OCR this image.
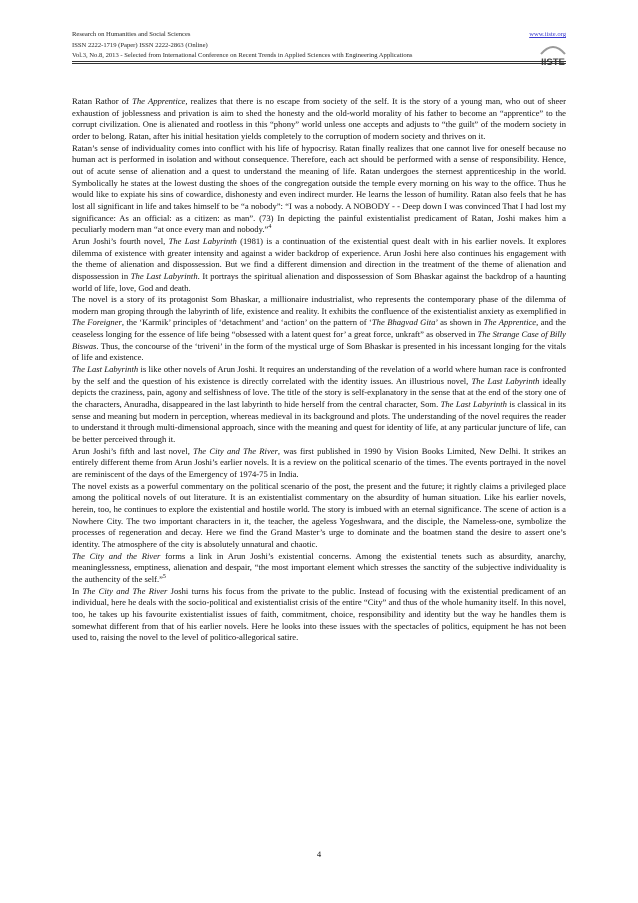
Research on Humanities and Social Sciences	www.iiste.org
ISSN 2222-1719 (Paper) ISSN 2222-2863 (Online)
Vol.3, No.8, 2013 - Selected from International Conference on Recent Trends in Applied Sciences with Engineering Applications
IISTE

Ratan Rathor of The Apprentice, realizes that there is no escape from society of the self. It is the story of a young man, who out of sheer exhaustion of joblessness and privation is aim to shed the honesty and the old-world morality of his father to become an “apprentice” to the corrupt civilization. One is alienated and rootless in this “phony” world unless one accepts and adjusts to “the guilt” of the modern society in order to belong. Ratan, after his initial hesitation yields completely to the corruption of modern society and thrives on it.

Ratan’s sense of individuality comes into conflict with his life of hypocrisy. Ratan finally realizes that one cannot live for oneself because no human act is performed in isolation and without consequence. Therefore, each act should be performed with a sense of responsibility. Hence, out of acute sense of alienation and a quest to understand the meaning of life. Ratan undergoes the sternest apprenticeship in the world. Symbolically he states at the lowest dusting the shoes of the congregation outside the temple every morning on his way to the office. Thus he would like to expiate his sins of cowardice, dishonesty and even indirect murder. He learns the lesson of humility. Ratan also feels that he has lost all significant in life and takes himself to be “a nobody”: “I was a nobody. A NOBODY - - Deep down I was convinced That I had lost my significance: As an official: as a citizen: as man”. (73) In depicting the painful existentialist predicament of Ratan, Joshi makes him a peculiarly modern man “at once every man and nobody.”$^4$

Arun Joshi’s fourth novel, The Last Labyrinth (1981) is a continuation of the existential quest dealt with in his earlier novels. It explores dilemma of existence with greater intensity and against a wider backdrop of experience. Arun Joshi here also continues his engagement with the theme of alienation and dispossession. But we find a different dimension and direction in the treatment of the theme of alienation and dispossession in The Last Labyrinth. It portrays the spiritual alienation and dispossession of Som Bhaskar against the backdrop of a haunting world of life, love, God and death.

The novel is a story of its protagonist Som Bhaskar, a millionaire industrialist, who represents the contemporary phase of the dilemma of modern man groping through the labyrinth of life, existence and reality. It exhibits the confluence of the existentialist anxiety as exemplified in The Foreigner, the ‘Karmik’ principles of ‘detachment’ and ‘action’ on the pattern of ‘The Bhagvad Gita’ as shown in The Apprentice, and the ceaseless longing for the essence of life being “obsessed with a latent quest for’ a great force, unkraft” as observed in The Strange Case of Billy Biswas. Thus, the concourse of the ‘triveni’ in the form of the mystical urge of Som Bhaskar is presented in his incessant longing for the vitals of life and existence.

The Last Labyrinth is like other novels of Arun Joshi. It requires an understanding of the revelation of a world where human race is confronted by the self and the question of his existence is directly correlated with the identity issues. An illustrious novel, The Last Labyrinth ideally depicts the craziness, pain, agony and selfishness of love. The title of the story is self-explanatory in the sense that at the end of the story one of the characters, Anuradha, disappeared in the last labyrinth to hide herself from the central character, Som. The Last Labyrinth is classical in its sense and meaning but modern in perception, whereas medieval in its background and plots. The understanding of the novel requires the reader to understand it through multi-dimensional approach, since with the meaning and quest for identity of life, at any particular juncture of life, can be better perceived through it.

Arun Joshi’s fifth and last novel, The City and The River, was first published in 1990 by Vision Books Limited, New Delhi. It strikes an entirely different theme from Arun Joshi’s earlier novels. It is a review on the political scenario of the times. The events portrayed in the novel are reminiscent of the days of the Emergency of 1974-75 in India.

The novel exists as a powerful commentary on the political scenario of the post, the present and the future; it rightly claims a privileged place among the political novels of out literature. It is an existentialist commentary on the absurdity of human situation. Like his earlier novels, herein, too, he continues to explore the existential and hostile world. The story is imbued with an eternal significance. The scene of action is a Nowhere City. The two important characters in it, the teacher, the ageless Yogeshwara, and the disciple, the Nameless-one, symbolize the processes of regeneration and decay. Here we find the Grand Master’s urge to dominate and the boatmen stand the desire to assert one’s identity. The atmosphere of the city is absolutely unnatural and chaotic.

The City and the River forms a link in Arun Joshi’s existential concerns. Among the existential tenets such as absurdity, anarchy, meaninglessness, emptiness, alienation and despair, “the most important element which stresses the sanctity of the subjective individuality is the authencity of the self.”$^5$

In The City and The River Joshi turns his focus from the private to the public. Instead of focusing with the existential predicament of an individual, here he deals with the socio-political and existentialist crisis of the entire “City” and thus of the whole humanity itself. In this novel, too, he takes up his favourite existentialist issues of faith, commitment, choice, responsibility and identity but the way he handles them is somewhat different from that of his earlier novels. Here he looks into these issues with the spectacles of politics, equipment he has not been used to, raising the novel to the level of politico-allegorical satire.

4
